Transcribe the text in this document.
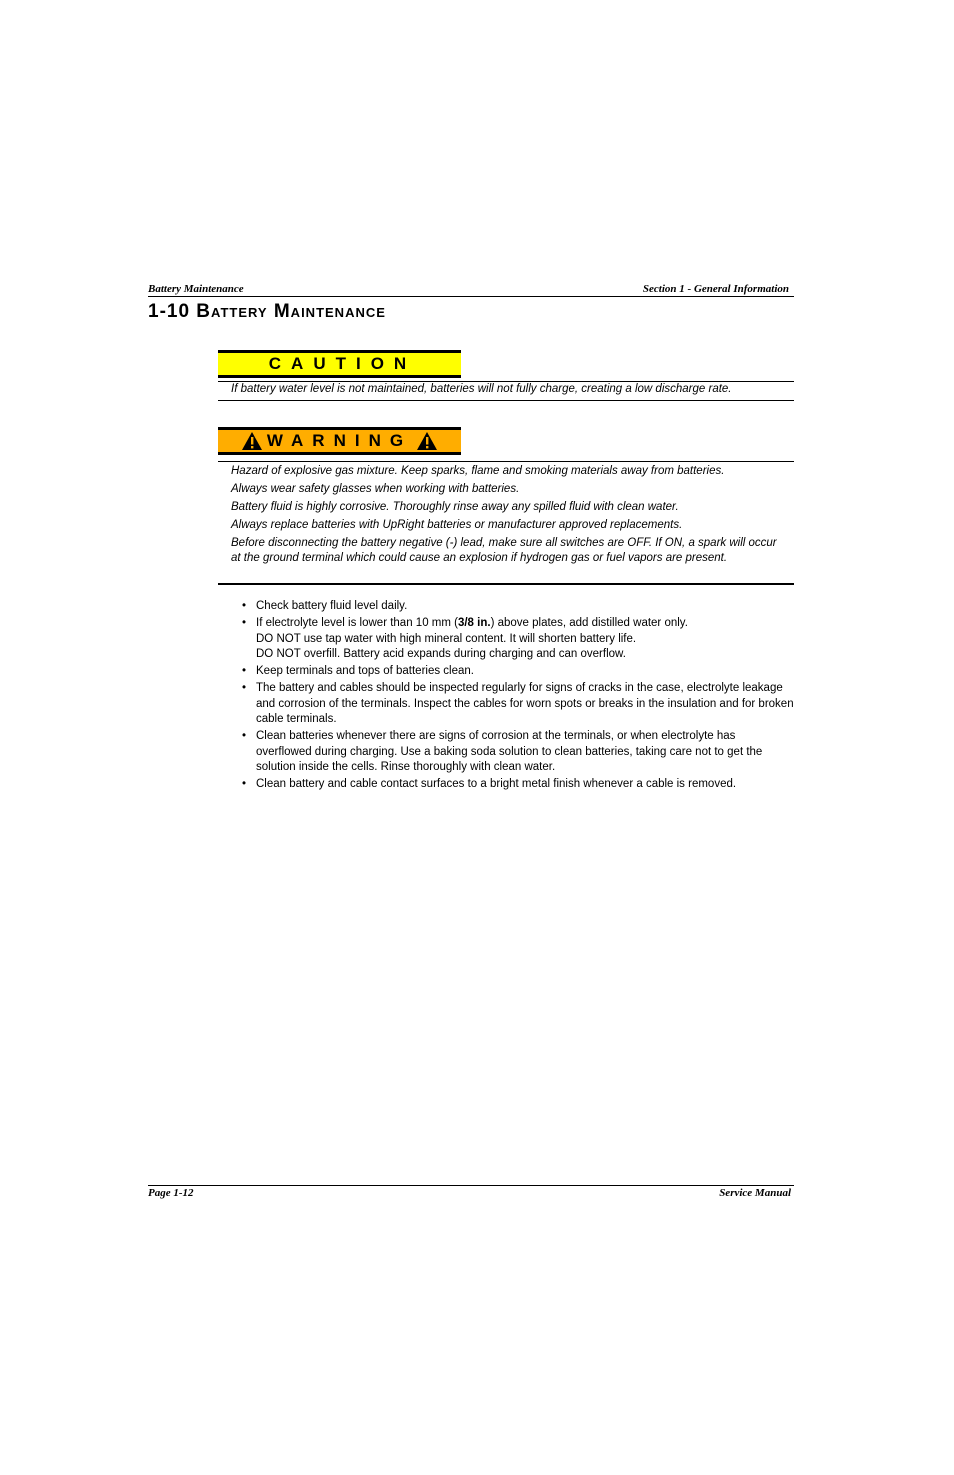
Battery Maintenance	Section 1 - General Information
1-10 Battery Maintenance
CAUTION
If battery water level is not maintained, batteries will not fully charge, creating a low discharge rate.
WARNING

Hazard of explosive gas mixture. Keep sparks, flame and smoking materials away from batteries.

Always wear safety glasses when working with batteries.

Battery fluid is highly corrosive. Thoroughly rinse away any spilled fluid with clean water.

Always replace batteries with UpRight batteries or manufacturer approved replacements.

Before disconnecting the battery negative (-) lead, make sure all switches are OFF. If ON, a spark will occur at the ground terminal which could cause an explosion if hydrogen gas or fuel vapors are present.

• Check battery fluid level daily.
• If electrolyte level is lower than 10 mm (3/8 in.) above plates, add distilled water only.
DO NOT use tap water with high mineral content. It will shorten battery life.
DO NOT overfill. Battery acid expands during charging and can overflow.
• Keep terminals and tops of batteries clean.
• The battery and cables should be inspected regularly for signs of cracks in the case, electrolyte leakage and corrosion of the terminals. Inspect the cables for worn spots or breaks in the insulation and for broken cable terminals.
• Clean batteries whenever there are signs of corrosion at the terminals, or when electrolyte has overflowed during charging. Use a baking soda solution to clean batteries, taking care not to get the solution inside the cells. Rinse thoroughly with clean water.
• Clean battery and cable contact surfaces to a bright metal finish whenever a cable is removed.
Page 1-12	Service Manual
